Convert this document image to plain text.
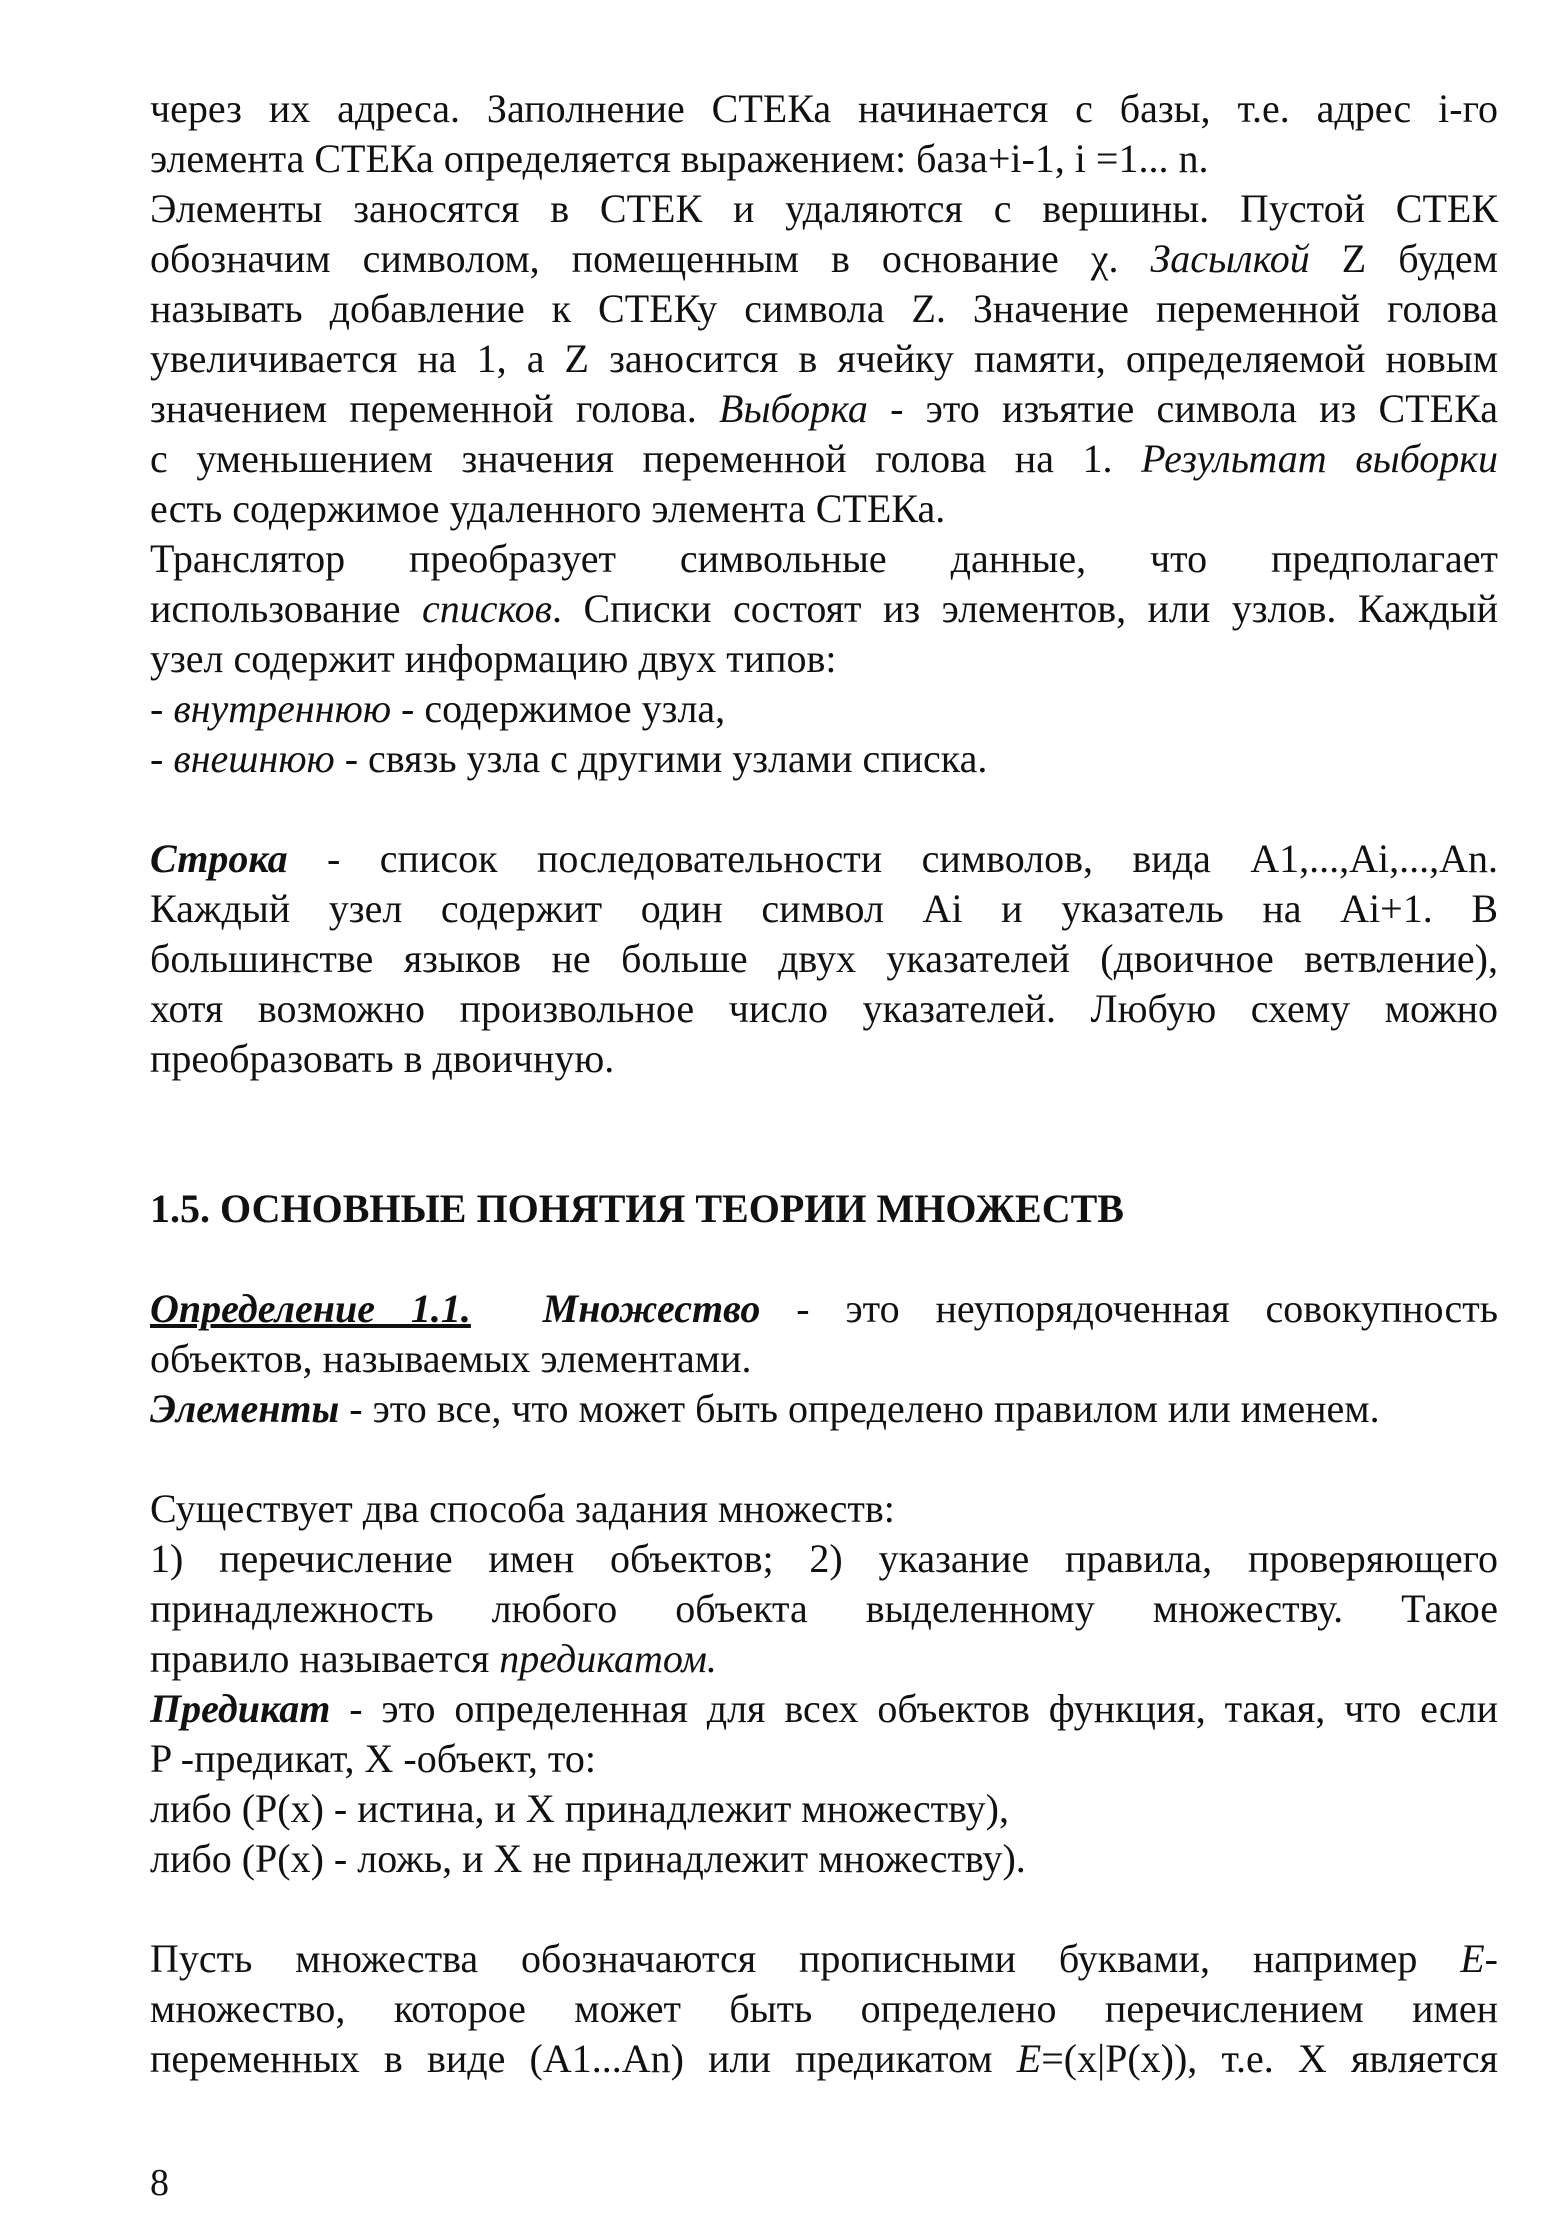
через их адреса. Заполнение СТЕКа начинается с базы, т.е. адрес i-го
элемента СТЕКа определяется выражением: база+i-1, i =1... n.
Элементы заносятся в СТЕК и удаляются с вершины. Пустой СТЕК
обозначим символом, помещенным в основание χ. Засылкой Z будем
называть добавление к СТЕКу символа Z. Значение переменной голова
увеличивается на 1, а Z заносится в ячейку памяти, определяемой новым
значением переменной голова. Выборка - это изъятие символа из СТЕКа
с уменьшением значения переменной голова на 1. Результат выборки
есть содержимое удаленного элемента СТЕКа.
Транслятор преобразует символьные данные, что предполагает
использование списков. Списки состоят из элементов, или узлов. Каждый
узел содержит информацию двух типов:
- внутреннюю - содержимое узла,
- внешнюю - связь узла с другими узлами списка.
Строка - список последовательности символов, вида A1,...,Ai,...,An.
Каждый узел содержит один символ Ai и указатель на Ai+1. В
большинстве языков не больше двух указателей (двоичное ветвление),
хотя возможно произвольное число указателей. Любую схему можно
преобразовать в двоичную.
1.5. ОСНОВНЫЕ ПОНЯТИЯ ТЕОРИИ МНОЖЕСТВ
Определение 1.1. Множество - это неупорядоченная совокупность
объектов, называемых элементами.
Элементы - это все, что может быть определено правилом или именем.
Существует два способа задания множеств:
1) перечисление имен объектов; 2) указание правила, проверяющего
принадлежность любого объекта выделенному множеству. Такое
правило называется предикатом.
Предикат - это определенная для всех объектов функция, такая, что если
P -предикат, X -объект, то:
либо (P(x) - истина, и X принадлежит множеству),
либо (P(x) - ложь, и X не принадлежит множеству).
Пусть множества обозначаются прописными буквами, например E-
множество, которое может быть определено перечислением имен
переменных в виде (A1...An) или предикатом E=(x|P(x)), т.е. X является
8
